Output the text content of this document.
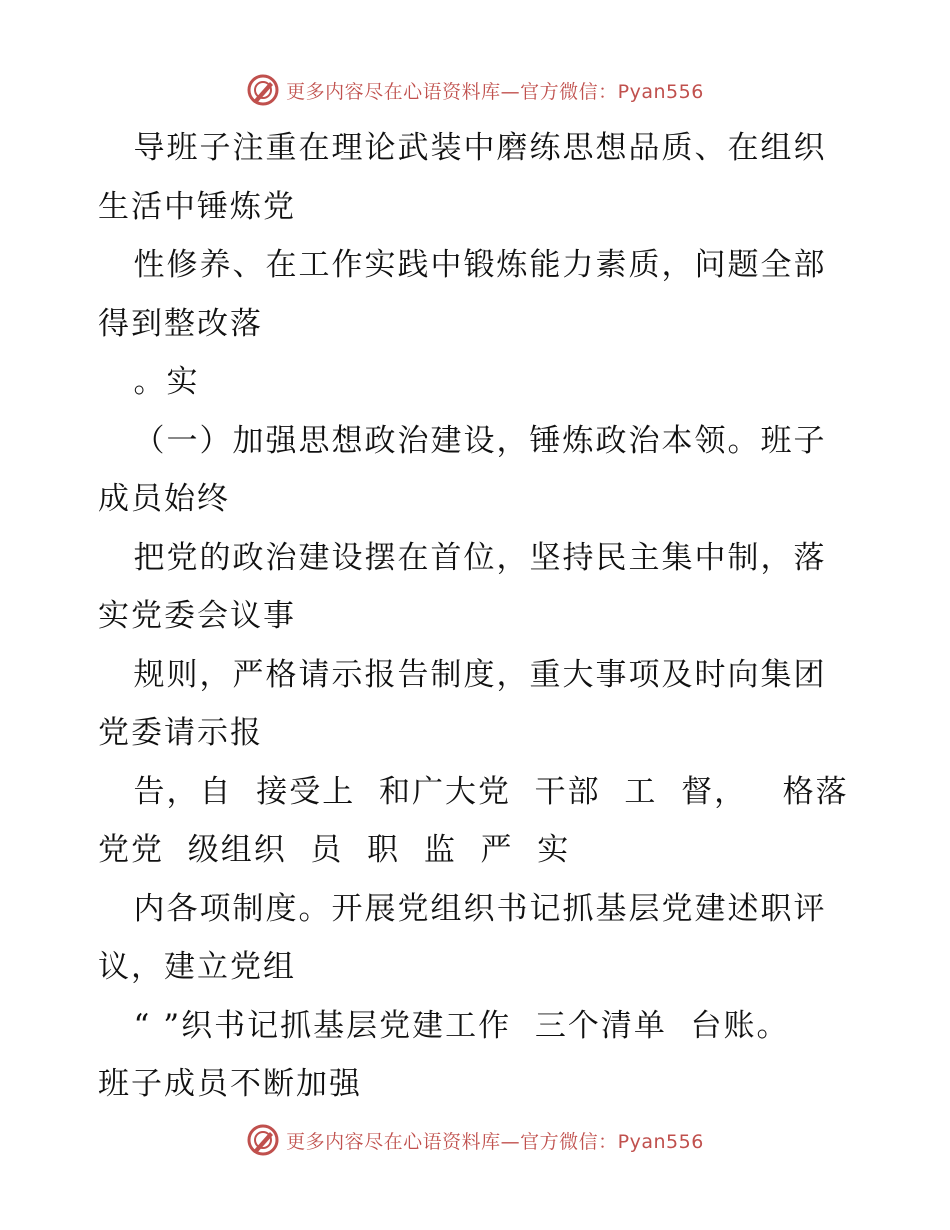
更多内容尽在心语资料库—官方微信：Pyan556
导班子注重在理论武装中磨练思想品质、在组织
生活中锤炼党
性修养、在工作实践中锻炼能力素质，问题全部
得到整改落
。实
（一）加强思想政治建设，锤炼政治本领。班子
成员始终
把党的政治建设摆在首位，坚持民主集中制，落
实党委会议事
规则，严格请示报告制度，重大事项及时向集团
党委请示报
告，自  接受上  和广大党  干部  工  督，   格落
党党  级组织  员  职  监  严  实
内各项制度。开展党组织书记抓基层党建述职评
议，建立党组
“ ”织书记抓基层党建工作  三个清单  台账。
班子成员不断加强
更多内容尽在心语资料库—官方微信：Pyan556
